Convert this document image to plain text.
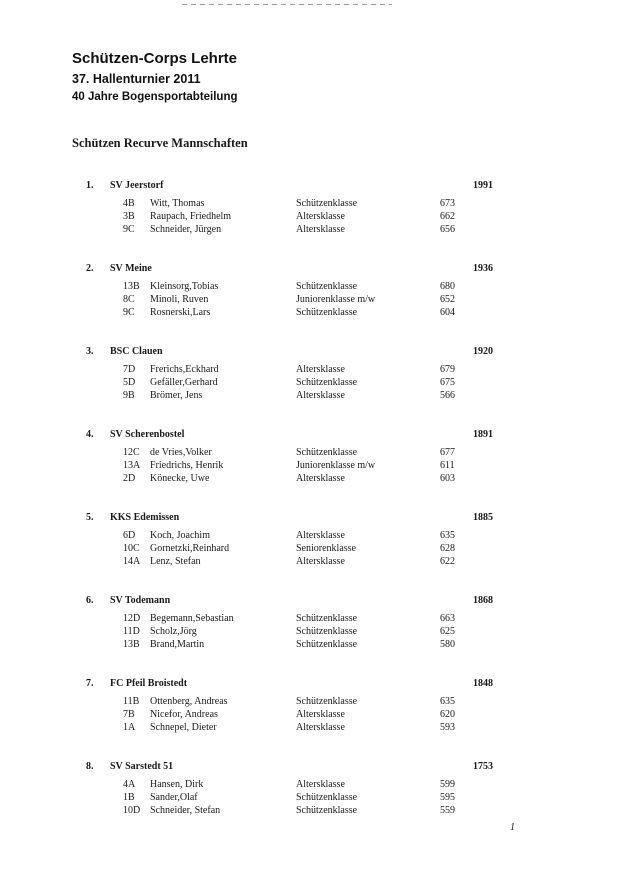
Schützen-Corps Lehrte
37. Hallenturnier 2011
40 Jahre Bogensportabteilung
Schützen Recurve Mannschaften
1. SV Jeerstorf	1991
4B Witt, Thomas	Schützenklasse	673
3B Raupach, Friedhelm	Altersklasse	662
9C Schneider, Jürgen	Altersklasse	656
2. SV Meine	1936
13B Kleinsorg,Tobias	Schützenklasse	680
8C Minoli, Ruven	Juniorenklasse m/w	652
9C Rosnerski,Lars	Schützenklasse	604
3. BSC Clauen	1920
7D Frerichs,Eckhard	Altersklasse	679
5D Gefäller,Gerhard	Schützenklasse	675
9B Brömer, Jens	Altersklasse	566
4. SV Scherenbostel	1891
12C de Vries,Volker	Schützenklasse	677
13A Friedrichs, Henrik	Juniorenklasse m/w	611
2D Könecke, Uwe	Altersklasse	603
5. KKS Edemissen	1885
6D Koch, Joachim	Altersklasse	635
10C Gornetzki,Reinhard	Seniorenklasse	628
14A Lenz, Stefan	Altersklasse	622
6. SV Todemann	1868
12D Begemann,Sebastian	Schützenklasse	663
11D Scholz,Jörg	Schützenklasse	625
13B Brand,Martin	Schützenklasse	580
7. FC Pfeil Broistedt	1848
11B Ottenberg, Andreas	Schützenklasse	635
7B Nicefor, Andreas	Altersklasse	620
1A Schnepel, Dieter	Altersklasse	593
8. SV Sarstedt 51	1753
4A Hansen, Dirk	Altersklasse	599
1B Sander,Olaf	Schützenklasse	595
10D Schneider, Stefan	Schützenklasse	559
1
